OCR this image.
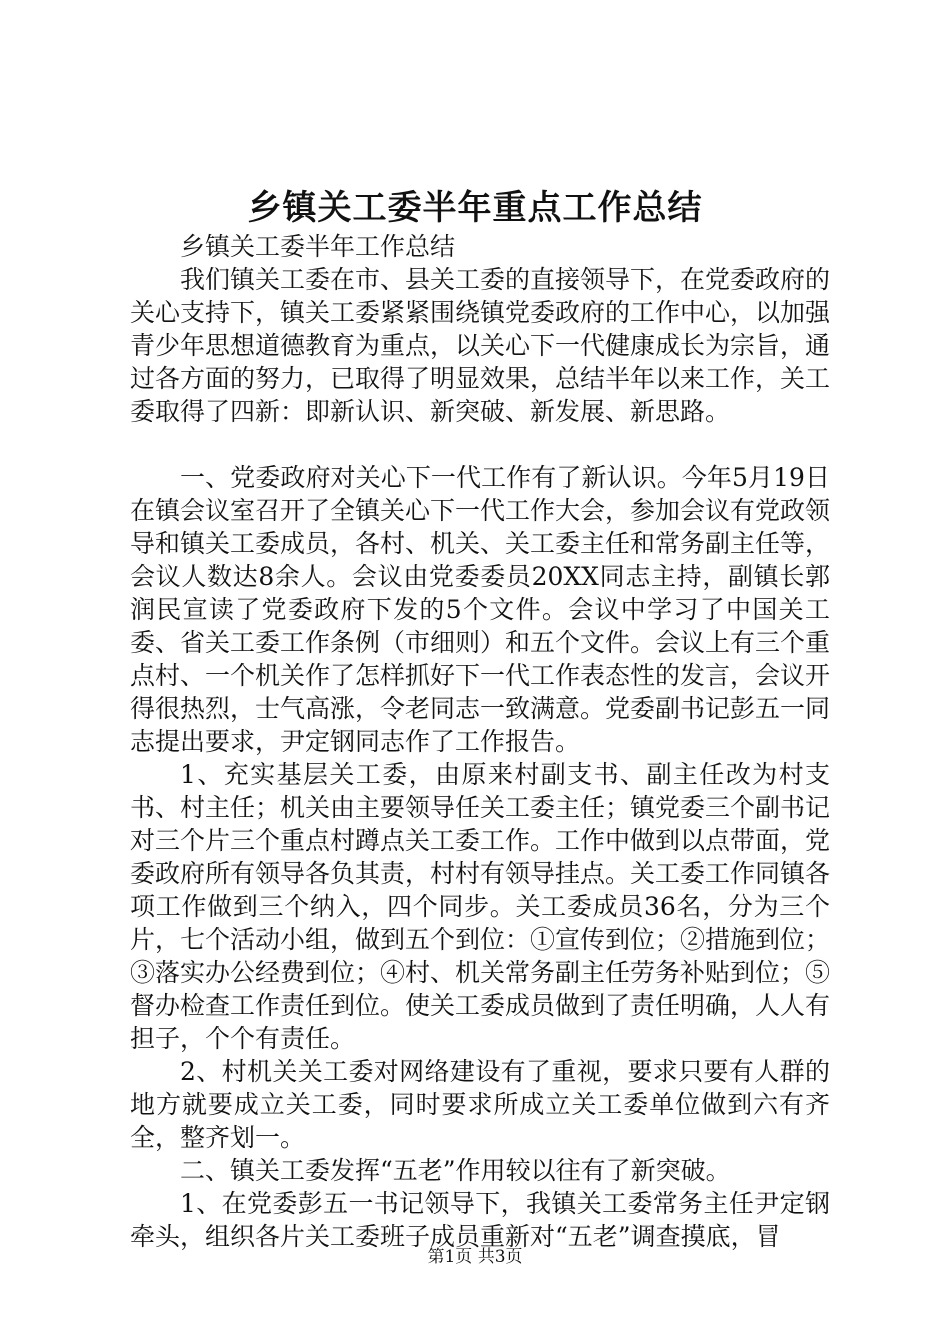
乡镇关工委半年重点工作总结

乡镇关工委半年工作总结

我们镇关工委在市、县关工委的直接领导下，在党委政府的关心支持下，镇关工委紧紧围绕镇党委政府的工作中心，以加强青少年思想道德教育为重点，以关心下一代健康成长为宗旨，通过各方面的努力，已取得了明显效果，总结半年以来工作，关工委取得了四新：即新认识、新突破、新发展、新思路。

一、党委政府对关心下一代工作有了新认识。今年5月19日在镇会议室召开了全镇关心下一代工作大会，参加会议有党政领导和镇关工委成员，各村、机关、关工委主任和常务副主任等，会议人数达8余人。会议由党委委员20XX同志主持，副镇长郭润民宣读了党委政府下发的5个文件。会议中学习了中国关工委、省关工委工作条例（市细则）和五个文件。会议上有三个重点村、一个机关作了怎样抓好下一代工作表态性的发言，会议开得很热烈，士气高涨，令老同志一致满意。党委副书记彭五一同志提出要求，尹定钢同志作了工作报告。

1、充实基层关工委，由原来村副支书、副主任改为村支书、村主任；机关由主要领导任关工委主任；镇党委三个副书记对三个片三个重点村蹲点关工委工作。工作中做到以点带面，党委政府所有领导各负其责，村村有领导挂点。关工委工作同镇各项工作做到三个纳入，四个同步。关工委成员36名，分为三个片，七个活动小组，做到五个到位：①宣传到位；②措施到位；③落实办公经费到位；④村、机关常务副主任劳务补贴到位；⑤督办检查工作责任到位。使关工委成员做到了责任明确，人人有担子，个个有责任。

2、村机关关工委对网络建设有了重视，要求只要有人群的地方就要成立关工委，同时要求所成立关工委单位做到六有齐全，整齐划一。

二、镇关工委发挥“五老”作用较以往有了新突破。

1、在党委彭五一书记领导下，我镇关工委常务主任尹定钢牵头，组织各片关工委班子成员重新对“五老”调查摸底，冒

第1页 共3页
